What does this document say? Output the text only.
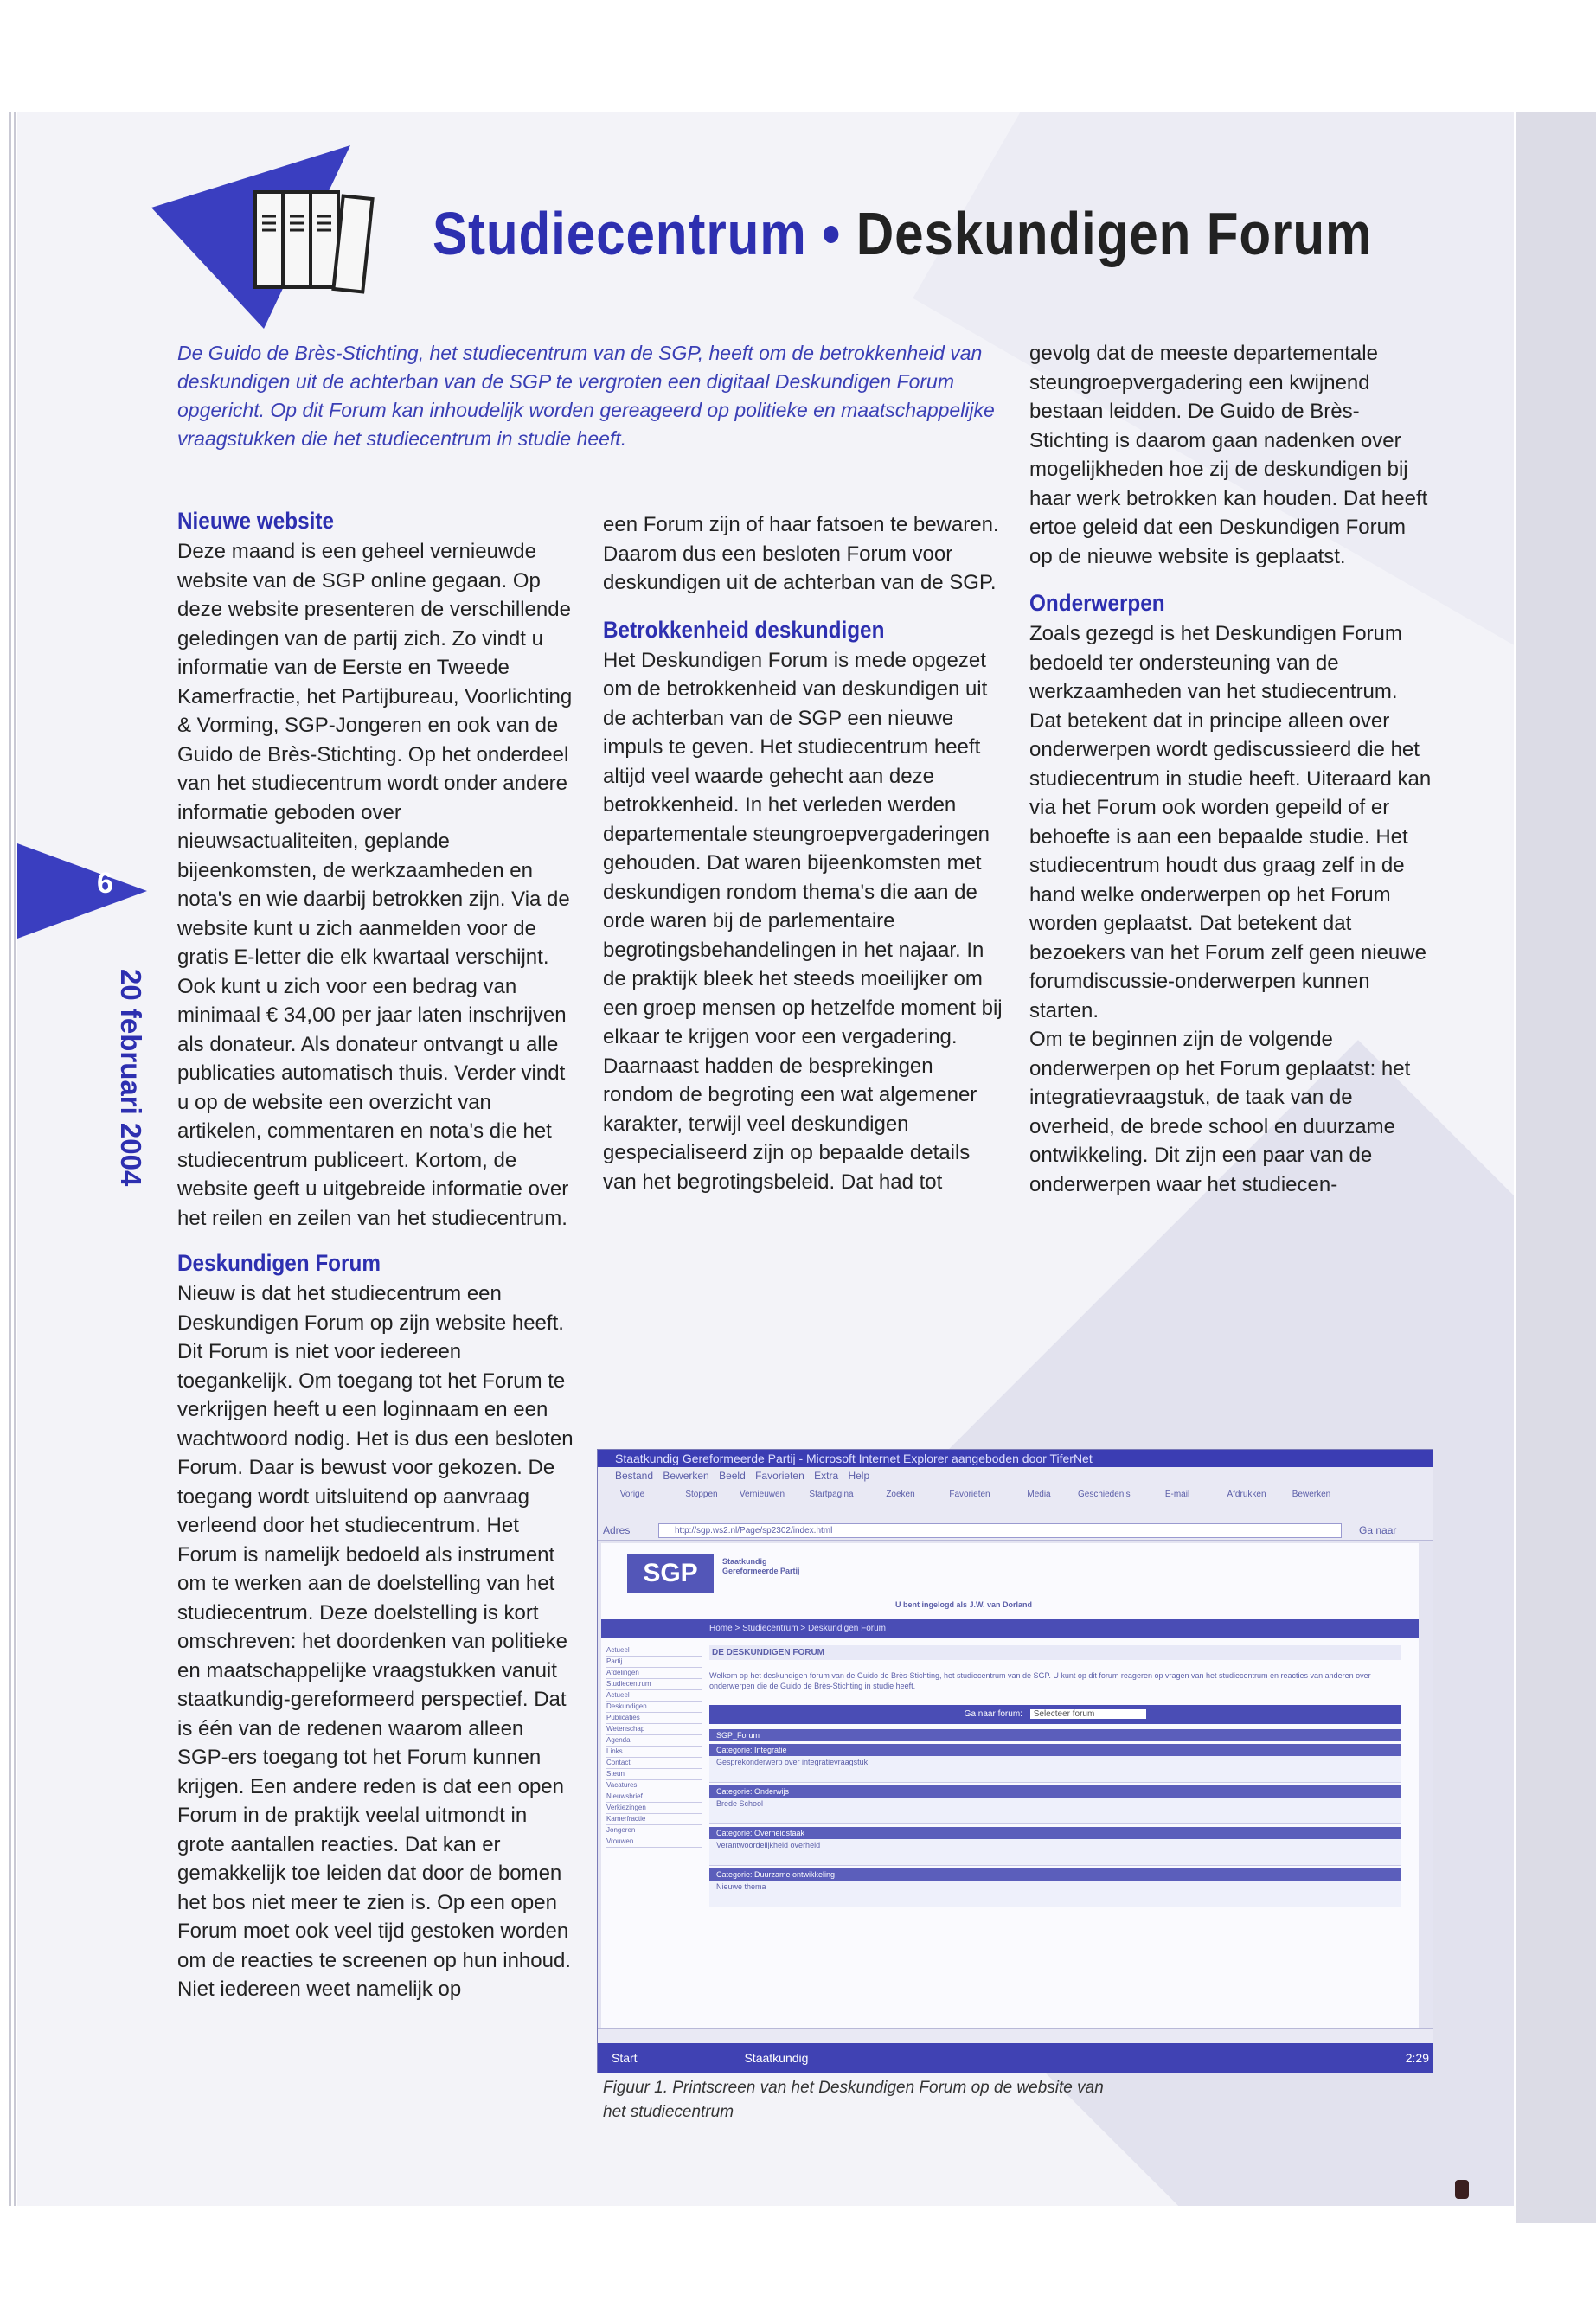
Studiecentrum • Deskundigen Forum
6
20 februari 2004
De Guido de Brès-Stichting, het studiecentrum van de SGP, heeft om de betrokkenheid van deskundigen uit de achterban van de SGP te vergroten een digitaal Deskundigen Forum opgericht. Op dit Forum kan inhoudelijk worden gereageerd op politieke en maatschappelijke vraagstukken die het studiecentrum in studie heeft.
Nieuwe website

Deze maand is een geheel vernieuwde website van de SGP online gegaan. Op deze website presenteren de verschillende geledingen van de partij zich. Zo vindt u informatie van de Eerste en Tweede Kamerfractie, het Partijbureau, Voorlichting & Vorming, SGP-Jongeren en ook van de Guido de Brès-Stichting. Op het onderdeel van het studiecentrum wordt onder andere informatie geboden over nieuwsactualiteiten, geplande bijeenkomsten, de werkzaamheden en nota's en wie daarbij betrokken zijn. Via de website kunt u zich aanmelden voor de gratis E-letter die elk kwartaal verschijnt. Ook kunt u zich voor een bedrag van minimaal € 34,00 per jaar laten inschrijven als donateur. Als donateur ontvangt u alle publicaties automatisch thuis. Verder vindt u op de website een overzicht van artikelen, commentaren en nota's die het studiecentrum publiceert. Kortom, de website geeft u uitgebreide informatie over het reilen en zeilen van het studiecentrum.

Deskundigen Forum

Nieuw is dat het studiecentrum een Deskundigen Forum op zijn website heeft. Dit Forum is niet voor iedereen toegankelijk. Om toegang tot het Forum te verkrijgen heeft u een loginnaam en een wachtwoord nodig. Het is dus een besloten Forum. Daar is bewust voor gekozen. De toegang wordt uitsluitend op aanvraag verleend door het studiecentrum. Het Forum is namelijk bedoeld als instrument om te werken aan de doelstelling van het studiecentrum. Deze doelstelling is kort omschreven: het doordenken van politieke en maatschappelijke vraagstukken vanuit staatkundig-gereformeerd perspectief. Dat is één van de redenen waarom alleen SGP-ers toegang tot het Forum kunnen krijgen. Een andere reden is dat een open Forum in de praktijk veelal uitmondt in grote aantallen reacties. Dat kan er gemakkelijk toe leiden dat door de bomen het bos niet meer te zien is. Op een open Forum moet ook veel tijd gestoken worden om de reacties te screenen op hun inhoud. Niet iedereen weet namelijk op

een Forum zijn of haar fatsoen te bewaren. Daarom dus een besloten Forum voor deskundigen uit de achterban van de SGP.

Betrokkenheid deskundigen

Het Deskundigen Forum is mede opgezet om de betrokkenheid van deskundigen uit de achterban van de SGP een nieuwe impuls te geven. Het studiecentrum heeft altijd veel waarde gehecht aan deze betrokkenheid. In het verleden werden departementale steungroepvergaderingen gehouden. Dat waren bijeenkomsten met deskundigen rondom thema's die aan de orde waren bij de parlementaire begrotingsbehandelingen in het najaar. In de praktijk bleek het steeds moeilijker om een groep mensen op hetzelfde moment bij elkaar te krijgen voor een vergadering. Daarnaast hadden de besprekingen rondom de begroting een wat algemener karakter, terwijl veel deskundigen gespecialiseerd zijn op bepaalde details van het begrotingsbeleid. Dat had tot

gevolg dat de meeste departementale steungroepvergadering een kwijnend bestaan leidden. De Guido de Brès-Stichting is daarom gaan nadenken over mogelijkheden hoe zij de deskundigen bij haar werk betrokken kan houden. Dat heeft ertoe geleid dat een Deskundigen Forum op de nieuwe website is geplaatst.

Onderwerpen

Zoals gezegd is het Deskundigen Forum bedoeld ter ondersteuning van de werkzaamheden van het studiecentrum. Dat betekent dat in principe alleen over onderwerpen wordt gediscussieerd die het studiecentrum in studie heeft. Uiteraard kan via het Forum ook worden gepeild of er behoefte is aan een bepaalde studie. Het studiecentrum houdt dus graag zelf in de hand welke onderwerpen op het Forum worden geplaatst. Dat betekent dat bezoekers van het Forum zelf geen nieuwe forumdiscussie-onderwerpen kunnen starten.

Om te beginnen zijn de volgende onderwerpen op het Forum geplaatst: het integratievraagstuk, de taak van de overheid, de brede school en duurzame ontwikkeling. Dit zijn een paar van de onderwerpen waar het studiecen-

Staatkundig Gereformeerde Partij - Microsoft Internet Explorer aangeboden door TiferNet
Bestand Bewerken Beeld Favorieten Extra Help
Vorige	Stoppen	Vernieuwen	Startpagina	Zoeken	Favorieten	Media	Geschiedenis	E-mail	Afdrukken	Bewerken
Adres	http://sgp.ws2.nl/Page/sp2302/index.html	Ga naar
SGP	Staatkundig Gereformeerde Partij
U bent ingelogd als J.W. van Dorland
Home > Studiecentrum > Deskundigen Forum
Actueel
Partij
Afdelingen
Studiecentrum
Actueel
Deskundigen
Publicaties
Wetenschap
Agenda
Links
Contact
Steun
Vacatures
Nieuwsbrief
Verkiezingen
Kamerfractie
Jongeren
Vrouwen
DE DESKUNDIGEN FORUM
Welkom op het deskundigen forum van de Guido de Brès-Stichting, het studiecentrum van de SGP. U kunt op dit forum reageren op vragen van het studiecentrum en reacties van anderen over onderwerpen die de Guido de Brès-Stichting in studie heeft.
Ga naar forum: Selecteer forum
SGP_Forum
Categorie: Integratie
Gesprekonderwerp over integratievraagstuk
Categorie: Onderwijs
Brede School
Categorie: Overheidstaak
Verantwoordelijkheid overheid
Categorie: Duurzame ontwikkeling
Nieuwe thema
Start	Staatkundig	2:29
Figuur 1. Printscreen van het Deskundigen Forum op de website van het studiecentrum
